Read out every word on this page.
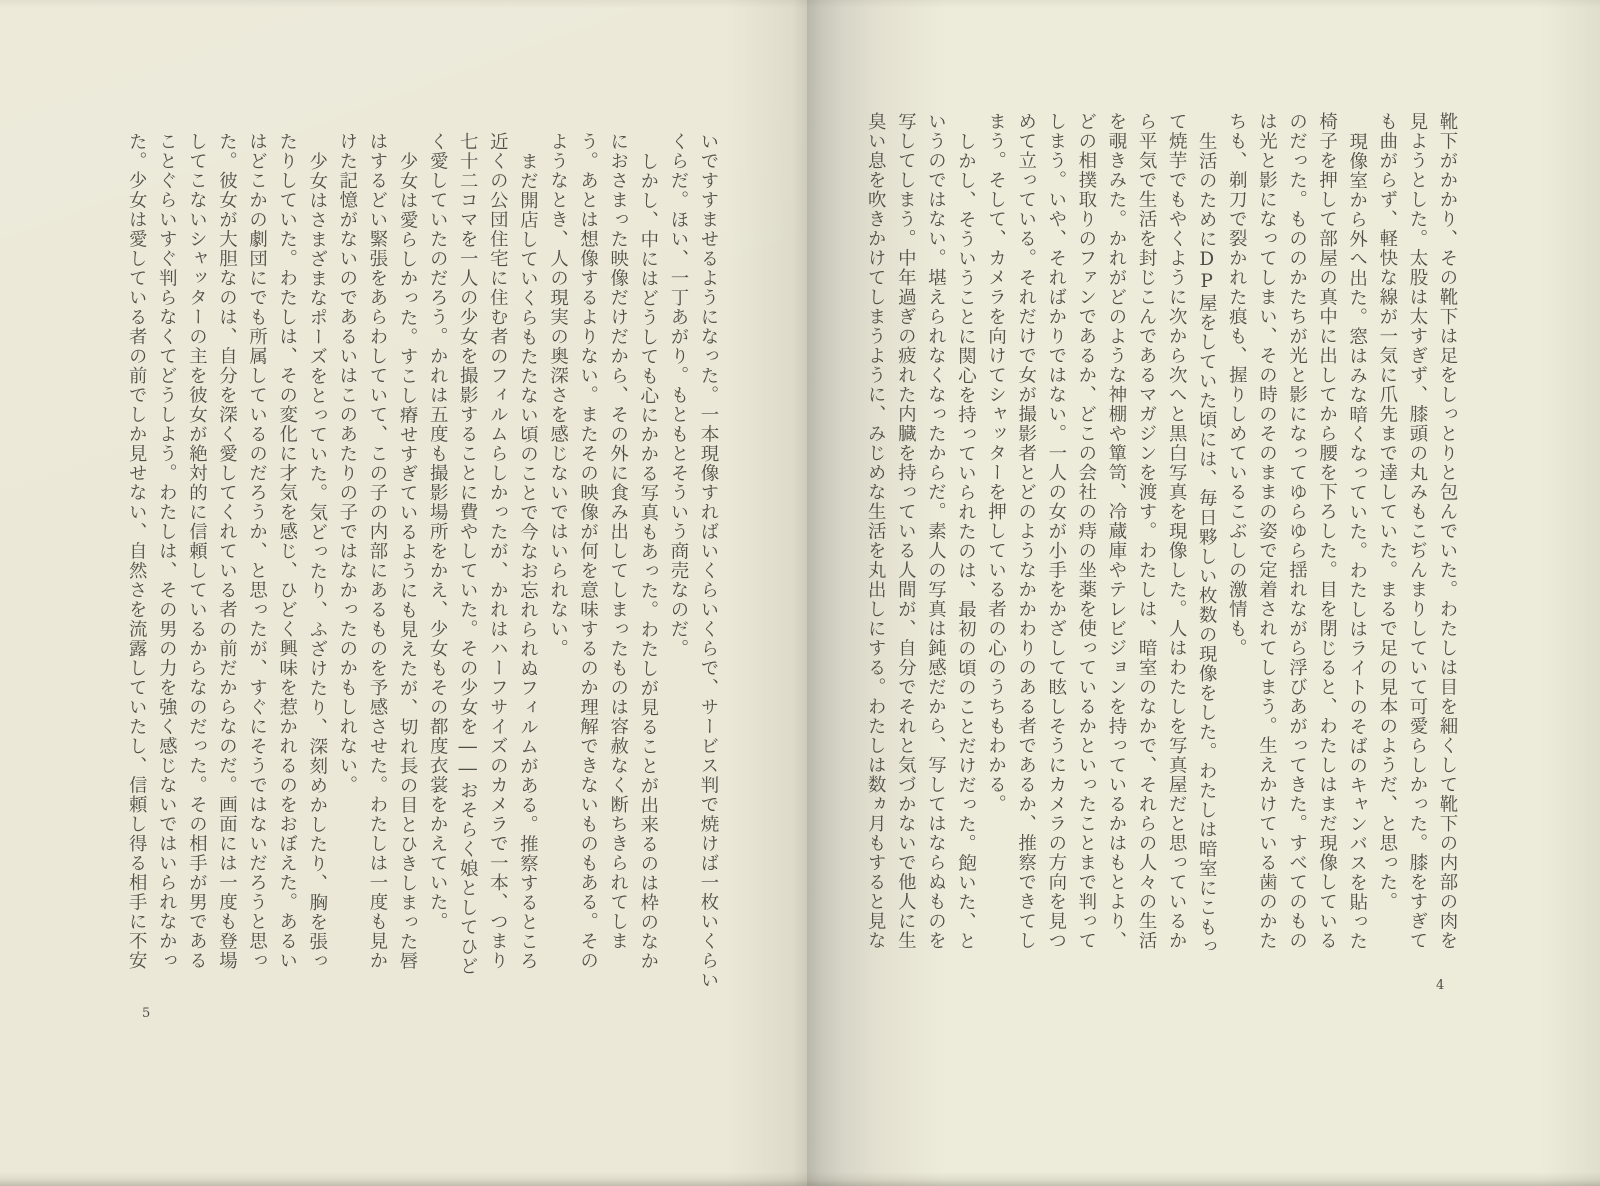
いですすませるようになった。一本現像すればいくらいくらで、サービス判で焼けば一枚いくらい

くらだ。ほい、一丁あがり。もともとそういう商売なのだ。

しかし、中にはどうしても心にかかる写真もあった。わたしが見ることが出来るのは枠のなか

におさまった映像だけだから、その外に食み出してしまったものは容赦なく断ちきられてしま

う。あとは想像するよりない。またその映像が何を意味するのか理解できないものもある。その

ようなとき、人の現実の奥深さを感じないではいられない。

まだ開店していくらもたたない頃のことで今なお忘れられぬフィルムがある。推察するところ

近くの公団住宅に住む者のフィルムらしかったが、かれはハーフサイズのカメラで一本、つまり

七十二コマを一人の少女を撮影することに費やしていた。その少女を――おそらく娘としてひど

く愛していたのだろう。かれは五度も撮影場所をかえ、少女もその都度衣裳をかえていた。

少女は愛らしかった。すこし瘠せすぎているようにも見えたが、切れ長の目とひきしまった唇

はするどい緊張をあらわしていて、この子の内部にあるものを予感させた。わたしは一度も見か

けた記憶がないのであるいはこのあたりの子ではなかったのかもしれない。

少女はさまざまなポーズをとっていた。気どったり、ふざけたり、深刻めかしたり、胸を張っ

たりしていた。わたしは、その変化に才気を感じ、ひどく興味を惹かれるのをおぼえた。あるい

はどこかの劇団にでも所属しているのだろうか、と思ったが、すぐにそうではないだろうと思っ

た。彼女が大胆なのは、自分を深く愛してくれている者の前だからなのだ。画面には一度も登場

してこないシャッターの主を彼女が絶対的に信頼しているからなのだった。その相手が男である

ことぐらいすぐ判らなくてどうしよう。わたしは、その男の力を強く感じないではいられなかっ

た。少女は愛している者の前でしか見せない、自然さを流露していたし、信頼し得る相手に不安

5

靴下がかかり、その靴下は足をしっとりと包んでいた。わたしは目を細くして靴下の内部の肉を

見ようとした。太股は太すぎず、膝頭の丸みもこぢんまりしていて可愛らしかった。膝をすぎて

も曲がらず、軽快な線が一気に爪先まで達していた。まるで足の見本のようだ、と思った。

現像室から外へ出た。窓はみな暗くなっていた。わたしはライトのそばのキャンバスを貼った

椅子を押して部屋の真中に出してから腰を下ろした。目を閉じると、わたしはまだ現像している

のだった。もののかたちが光と影になってゆらゆら揺れながら浮びあがってきた。すべてのもの

は光と影になってしまい、その時のそのままの姿で定着されてしまう。生えかけている歯のかた

ちも、剃刀で裂かれた痕も、握りしめているこぶしの激情も。

生活のためにDP屋をしていた頃には、毎日夥しい枚数の現像をした。わたしは暗室にこもっ

て焼芋でもやくように次から次へと黒白写真を現像した。人はわたしを写真屋だと思っているか

ら平気で生活を封じこんであるマガジンを渡す。わたしは、暗室のなかで、それらの人々の生活

を覗きみた。かれがどのような神棚や簞笥、冷蔵庫やテレビジョンを持っているかはもとより、

どの相撲取りのファンであるか、どこの会社の痔の坐薬を使っているかといったことまで判って

しまう。いや、そればかりではない。一人の女が小手をかざして眩しそうにカメラの方向を見つ

めて立っている。それだけで女が撮影者とどのようなかかわりのある者であるか、推察できてし

まう。そして、カメラを向けてシャッターを押している者の心のうちもわかる。

しかし、そういうことに関心を持っていられたのは、最初の頃のことだけだった。飽いた、と

いうのではない。堪えられなくなったからだ。素人の写真は鈍感だから、写してはならぬものを

写してしまう。中年過ぎの疲れた内臓を持っている人間が、自分でそれと気づかないで他人に生

臭い息を吹きかけてしまうように、みじめな生活を丸出しにする。わたしは数ヵ月もすると見な

4
